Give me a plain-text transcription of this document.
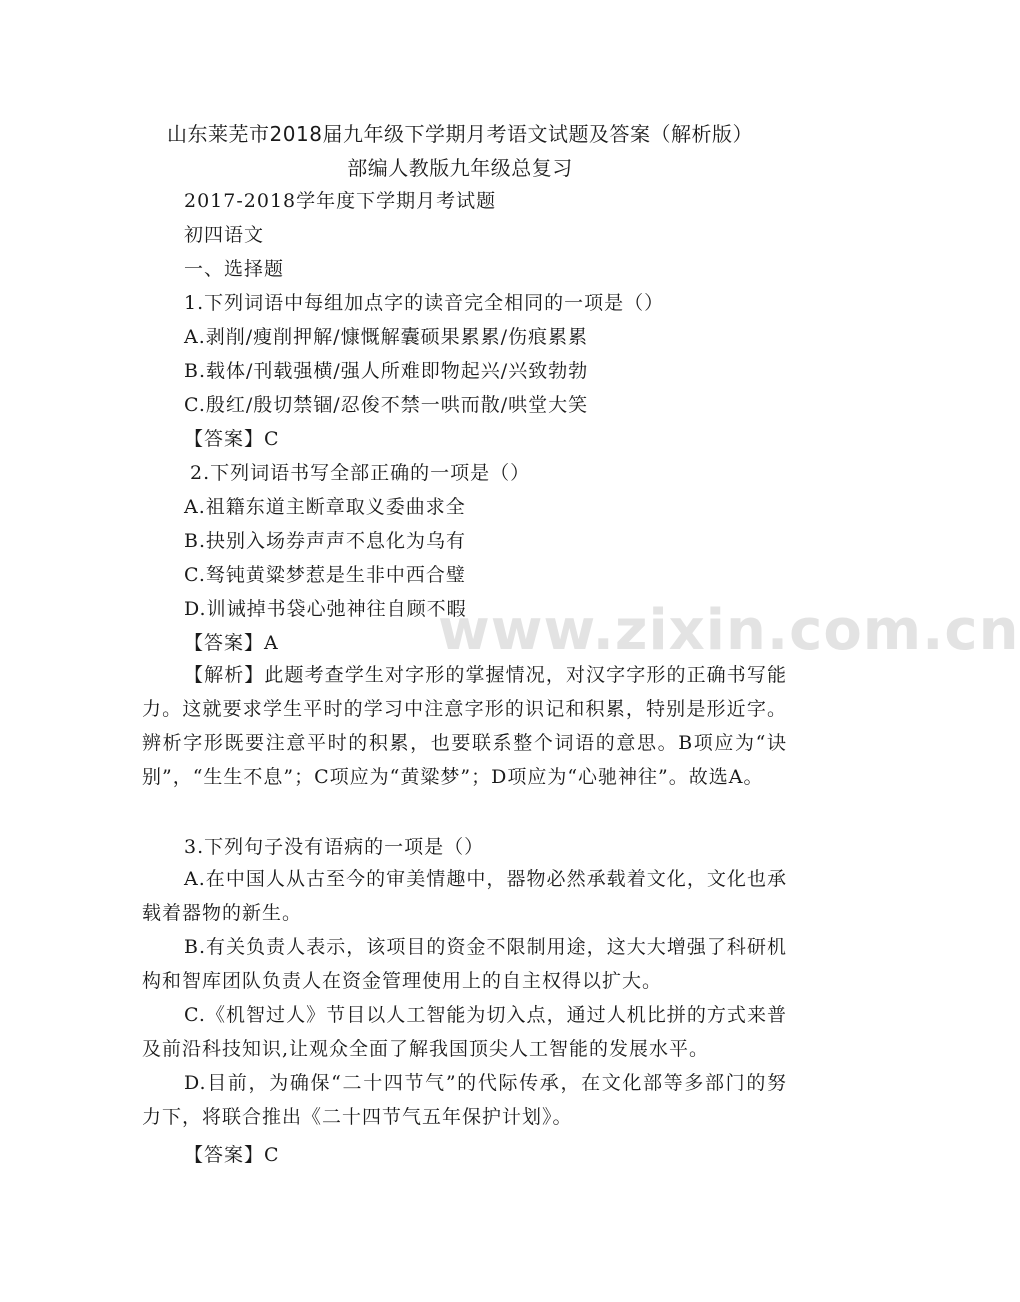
www.zixin.com.cn
山东莱芜市2018届九年级下学期月考语文试题及答案（解析版）
部编人教版九年级总复习
2017-2018学年度下学期月考试题
初四语文
一、选择题
1.下列词语中每组加点字的读音完全相同的一项是（）
A.剥削/瘦削押解/慷慨解囊硕果累累/伤痕累累
B.载体/刊载强横/强人所难即物起兴/兴致勃勃
C.殷红/殷切禁锢/忍俊不禁一哄而散/哄堂大笑
【答案】C
2.下列词语书写全部正确的一项是（）
A.祖籍东道主断章取义委曲求全
B.抉别入场券声声不息化为乌有
C.驽钝黄粱梦惹是生非中西合璧
D.训诫掉书袋心弛神往自顾不暇
【答案】A
【解析】此题考查学生对字形的掌握情况，对汉字字形的正确书写能力。这就要求学生平时的学习中注意字形的识记和积累，特别是形近字。辨析字形既要注意平时的积累，也要联系整个词语的意思。B项应为“诀别”，“生生不息”；C项应为“黄粱梦”；D项应为“心驰神往”。故选A。
3.下列句子没有语病的一项是（）
A.在中国人从古至今的审美情趣中，器物必然承载着文化，文化也承载着器物的新生。
B.有关负责人表示，该项目的资金不限制用途，这大大增强了科研机构和智库团队负责人在资金管理使用上的自主权得以扩大。
C.《机智过人》节目以人工智能为切入点，通过人机比拼的方式来普及前沿科技知识,让观众全面了解我国顶尖人工智能的发展水平。
D.目前，为确保“二十四节气”的代际传承，在文化部等多部门的努力下，将联合推出《二十四节气五年保护计划》。
【答案】C
